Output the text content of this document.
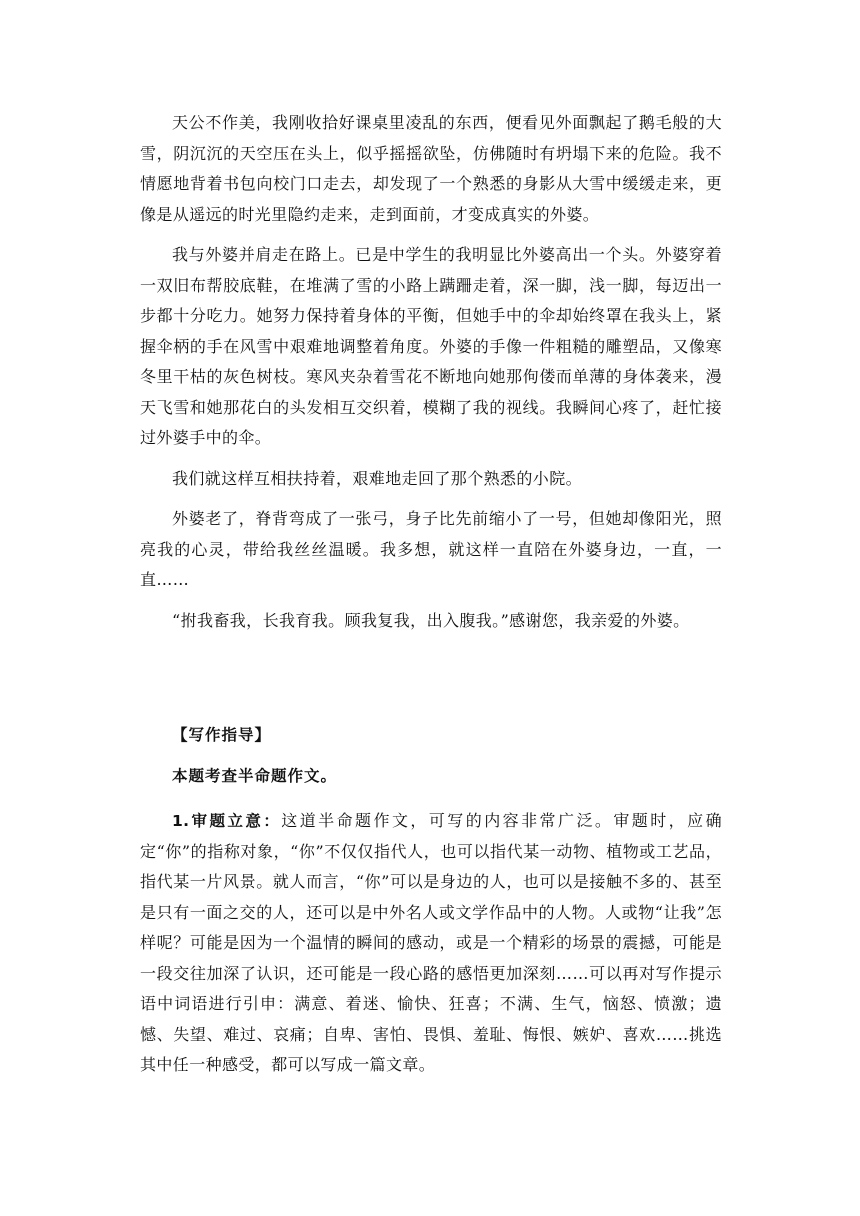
天公不作美，我刚收拾好课桌里凌乱的东西，便看见外面飘起了鹅毛般的大雪，阴沉沉的天空压在头上，似乎摇摇欲坠，仿佛随时有坍塌下来的危险。我不情愿地背着书包向校门口走去，却发现了一个熟悉的身影从大雪中缓缓走来，更像是从遥远的时光里隐约走来，走到面前，才变成真实的外婆。

我与外婆并肩走在路上。已是中学生的我明显比外婆高出一个头。外婆穿着一双旧布帮胶底鞋，在堆满了雪的小路上蹒跚走着，深一脚，浅一脚，每迈出一步都十分吃力。她努力保持着身体的平衡，但她手中的伞却始终罩在我头上，紧握伞柄的手在风雪中艰难地调整着角度。外婆的手像一件粗糙的雕塑品，又像寒冬里干枯的灰色树枝。寒风夹杂着雪花不断地向她那佝偻而单薄的身体袭来，漫天飞雪和她那花白的头发相互交织着，模糊了我的视线。我瞬间心疼了，赶忙接过外婆手中的伞。

我们就这样互相扶持着，艰难地走回了那个熟悉的小院。

外婆老了，脊背弯成了一张弓，身子比先前缩小了一号，但她却像阳光，照亮我的心灵，带给我丝丝温暖。我多想，就这样一直陪在外婆身边，一直，一直……

“拊我畜我，长我育我。顾我复我，出入腹我。”感谢您，我亲爱的外婆。

【写作指导】
本题考查半命题作文。

1.审题立意：这道半命题作文，可写的内容非常广泛。审题时，应确定“你”的指称对象，“你”不仅仅指代人，也可以指代某一动物、植物或工艺品，指代某一片风景。就人而言，“你”可以是身边的人，也可以是接触不多的、甚至是只有一面之交的人，还可以是中外名人或文学作品中的人物。人或物“让我”怎样呢？可能是因为一个温情的瞬间的感动，或是一个精彩的场景的震撼，可能是一段交往加深了认识，还可能是一段心路的感悟更加深刻……可以再对写作提示语中词语进行引申：满意、着迷、愉快、狂喜；不满、生气，恼怒、愤激；遗憾、失望、难过、哀痛；自卑、害怕、畏惧、羞耻、悔恨、嫉妒、喜欢……挑选其中任一种感受，都可以写成一篇文章。
